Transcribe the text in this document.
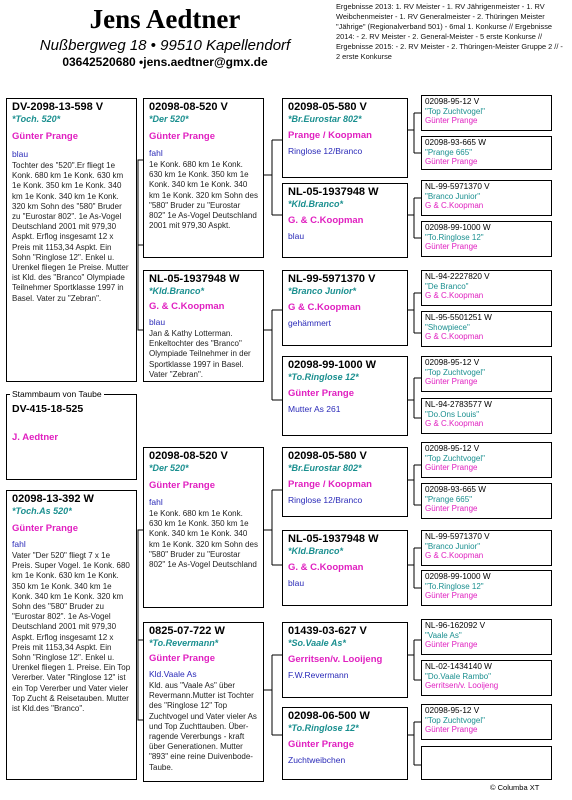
Jens Aedtner
Nußbergweg 18 • 99510 Kapellendorf
03642520680 •jens.aedtner@gmx.de
Ergebnisse 2013: 1. RV Meister - 1. RV Jährigenmeister - 1. RV Weibchenmeister - 1. RV Generalmeister - 2. Thüringen Meister "Jährige" (Regionalverband 501) - 6mal 1. Konkurse // Ergebnisse 2014: - 2. RV Meister - 2. General-Meister - 5 erste Konkurse // Ergebnisse 2015: - 2. RV Meister - 2. Thüringen-Meister Gruppe 2 // - 2 erste Konkurse
DV-2098-13-598 V
*Toch. 520*
Günter Prange
blau
Tochter des "520".Er fliegt 1e Konk. 680 km 1e Konk. 630 km 1e Konk. 350 km 1e Konk. 340 km 1e Konk. 340 km 1e Konk. 320 km Sohn des "580" Bruder zu "Eurostar 802". 1e As-Vogel Deutschland 2001 mit 979,30 Aspkt. Erflog insgesamt 12 x Preis mit 1153,34 Aspkt. Ein Sohn "Ringlose 12". Enkel u. Urenkel fliegen 1e Preise. Mutter ist Kld. des "Branco" Olympiade Teilnehmer Sportklasse 1997 in Basel. Vater zu "Zebran".
Stammbaum von Taube
DV-415-18-525
J. Aedtner
02098-13-392 W
*Toch.As 520*
Günter Prange
fahl
Vater "Der 520" fliegt 7 x 1e Preis. Super Vogel. 1e Konk. 680 km 1e Konk. 630 km 1e Konk. 350 km 1e Konk. 340 km 1e Konk. 340 km 1e Konk. 320 km Sohn des "580" Bruder zu "Eurostar 802". 1e As-Vogel Deutschland 2001 mit 979,30 Aspkt. Erflog insgesamt 12 x Preis mit 1153,34 Aspkt. Ein Sohn "Ringlose 12". Enkel u. Urenkel fliegen 1. Preise. Ein Top Vererber. Vater "Ringlose 12" ist ein Top Vererber und Vater vieler Top Zucht & Reisetauben. Mutter ist Kld.des "Branco".
02098-08-520 V
*Der 520*
Günter Prange
fahl
1e Konk. 680 km 1e Konk. 630 km 1e Konk. 350 km 1e Konk. 340 km 1e Konk. 340 km 1e Konk. 320 km Sohn des "580" Bruder zu "Eurostar 802" 1e As-Vogel Deutschland 2001 mit 979,30 Aspkt.
NL-05-1937948 W
*Kld.Branco*
G. & C.Koopman
blau
Jan & Kathy Lotterman. Enkeltochter des "Branco" Olympiade Teilnehmer in der Sportklasse 1997 in Basel. Vater "Zebran".
02098-08-520 V
*Der 520*
Günter Prange
fahl
1e Konk. 680 km 1e Konk. 630 km 1e Konk. 350 km 1e Konk. 340 km 1e Konk. 340 km 1e Konk. 320 km Sohn des "580" Bruder zu "Eurostar 802" 1e As-Vogel Deutschland
0825-07-722 W
*To.Revermann*
Günter Prange
Kld.Vaale As
Kld. aus "Vaale As" über Revermann.Mutter ist Tochter des "Ringlose 12" Top Zuchtvogel und Vater vieler As und Top Zuchttauben. Über-ragende Vererbungs - kraft über Generationen. Mutter "893" eine reine Duivenbode-Taube.
02098-05-580 V
*Br.Eurostar 802*
Prange / Koopman
Ringlose 12/Branco
NL-05-1937948 W
*Kld.Branco*
G. & C.Koopman
blau
NL-99-5971370 V
*Branco Junior*
G & C.Koopman
gehämmert
02098-99-1000 W
*To.Ringlose 12*
Günter Prange
Mutter As 261
02098-05-580 V
*Br.Eurostar 802*
Prange / Koopman
Ringlose 12/Branco
NL-05-1937948 W
*Kld.Branco*
G. & C.Koopman
blau
01439-03-627 V
*So.Vaale As*
Gerritsen/v. Looijeng
F.W.Revermann
02098-06-500 W
*To.Ringlose 12*
Günter Prange
Zuchtweibchen
02098-95-12 V
"Top Zuchtvogel"
Günter Prange
02098-93-665 W
"Prange 665"
Günter Prange
NL-99-5971370 V
"Branco Junior"
G & C.Koopman
02098-99-1000 W
"To.Ringlose 12"
Günter Prange
NL-94-2227820 V
"De Branco"
G & C.Koopman
NL-95-5501251 W
"Showpiece"
G & C.Koopman
02098-95-12 V
"Top Zuchtvogel"
Günter Prange
NL-94-2783577 W
"Do.Ons Louis"
G & C.Koopman
02098-95-12 V
"Top Zuchtvogel"
Günter Prange
02098-93-665 W
"Prange 665"
Günter Prange
NL-99-5971370 V
"Branco Junior"
G & C.Koopman
02098-99-1000 W
"To.Ringlose 12"
Günter Prange
NL-96-162092 V
"Vaale As"
Günter Prange
NL-02-1434140 W
"Do.Vaale Rambo"
Gerritsen/v. Looijeng
02098-95-12 V
"Top Zuchtvogel"
Günter Prange
© Columba XT
